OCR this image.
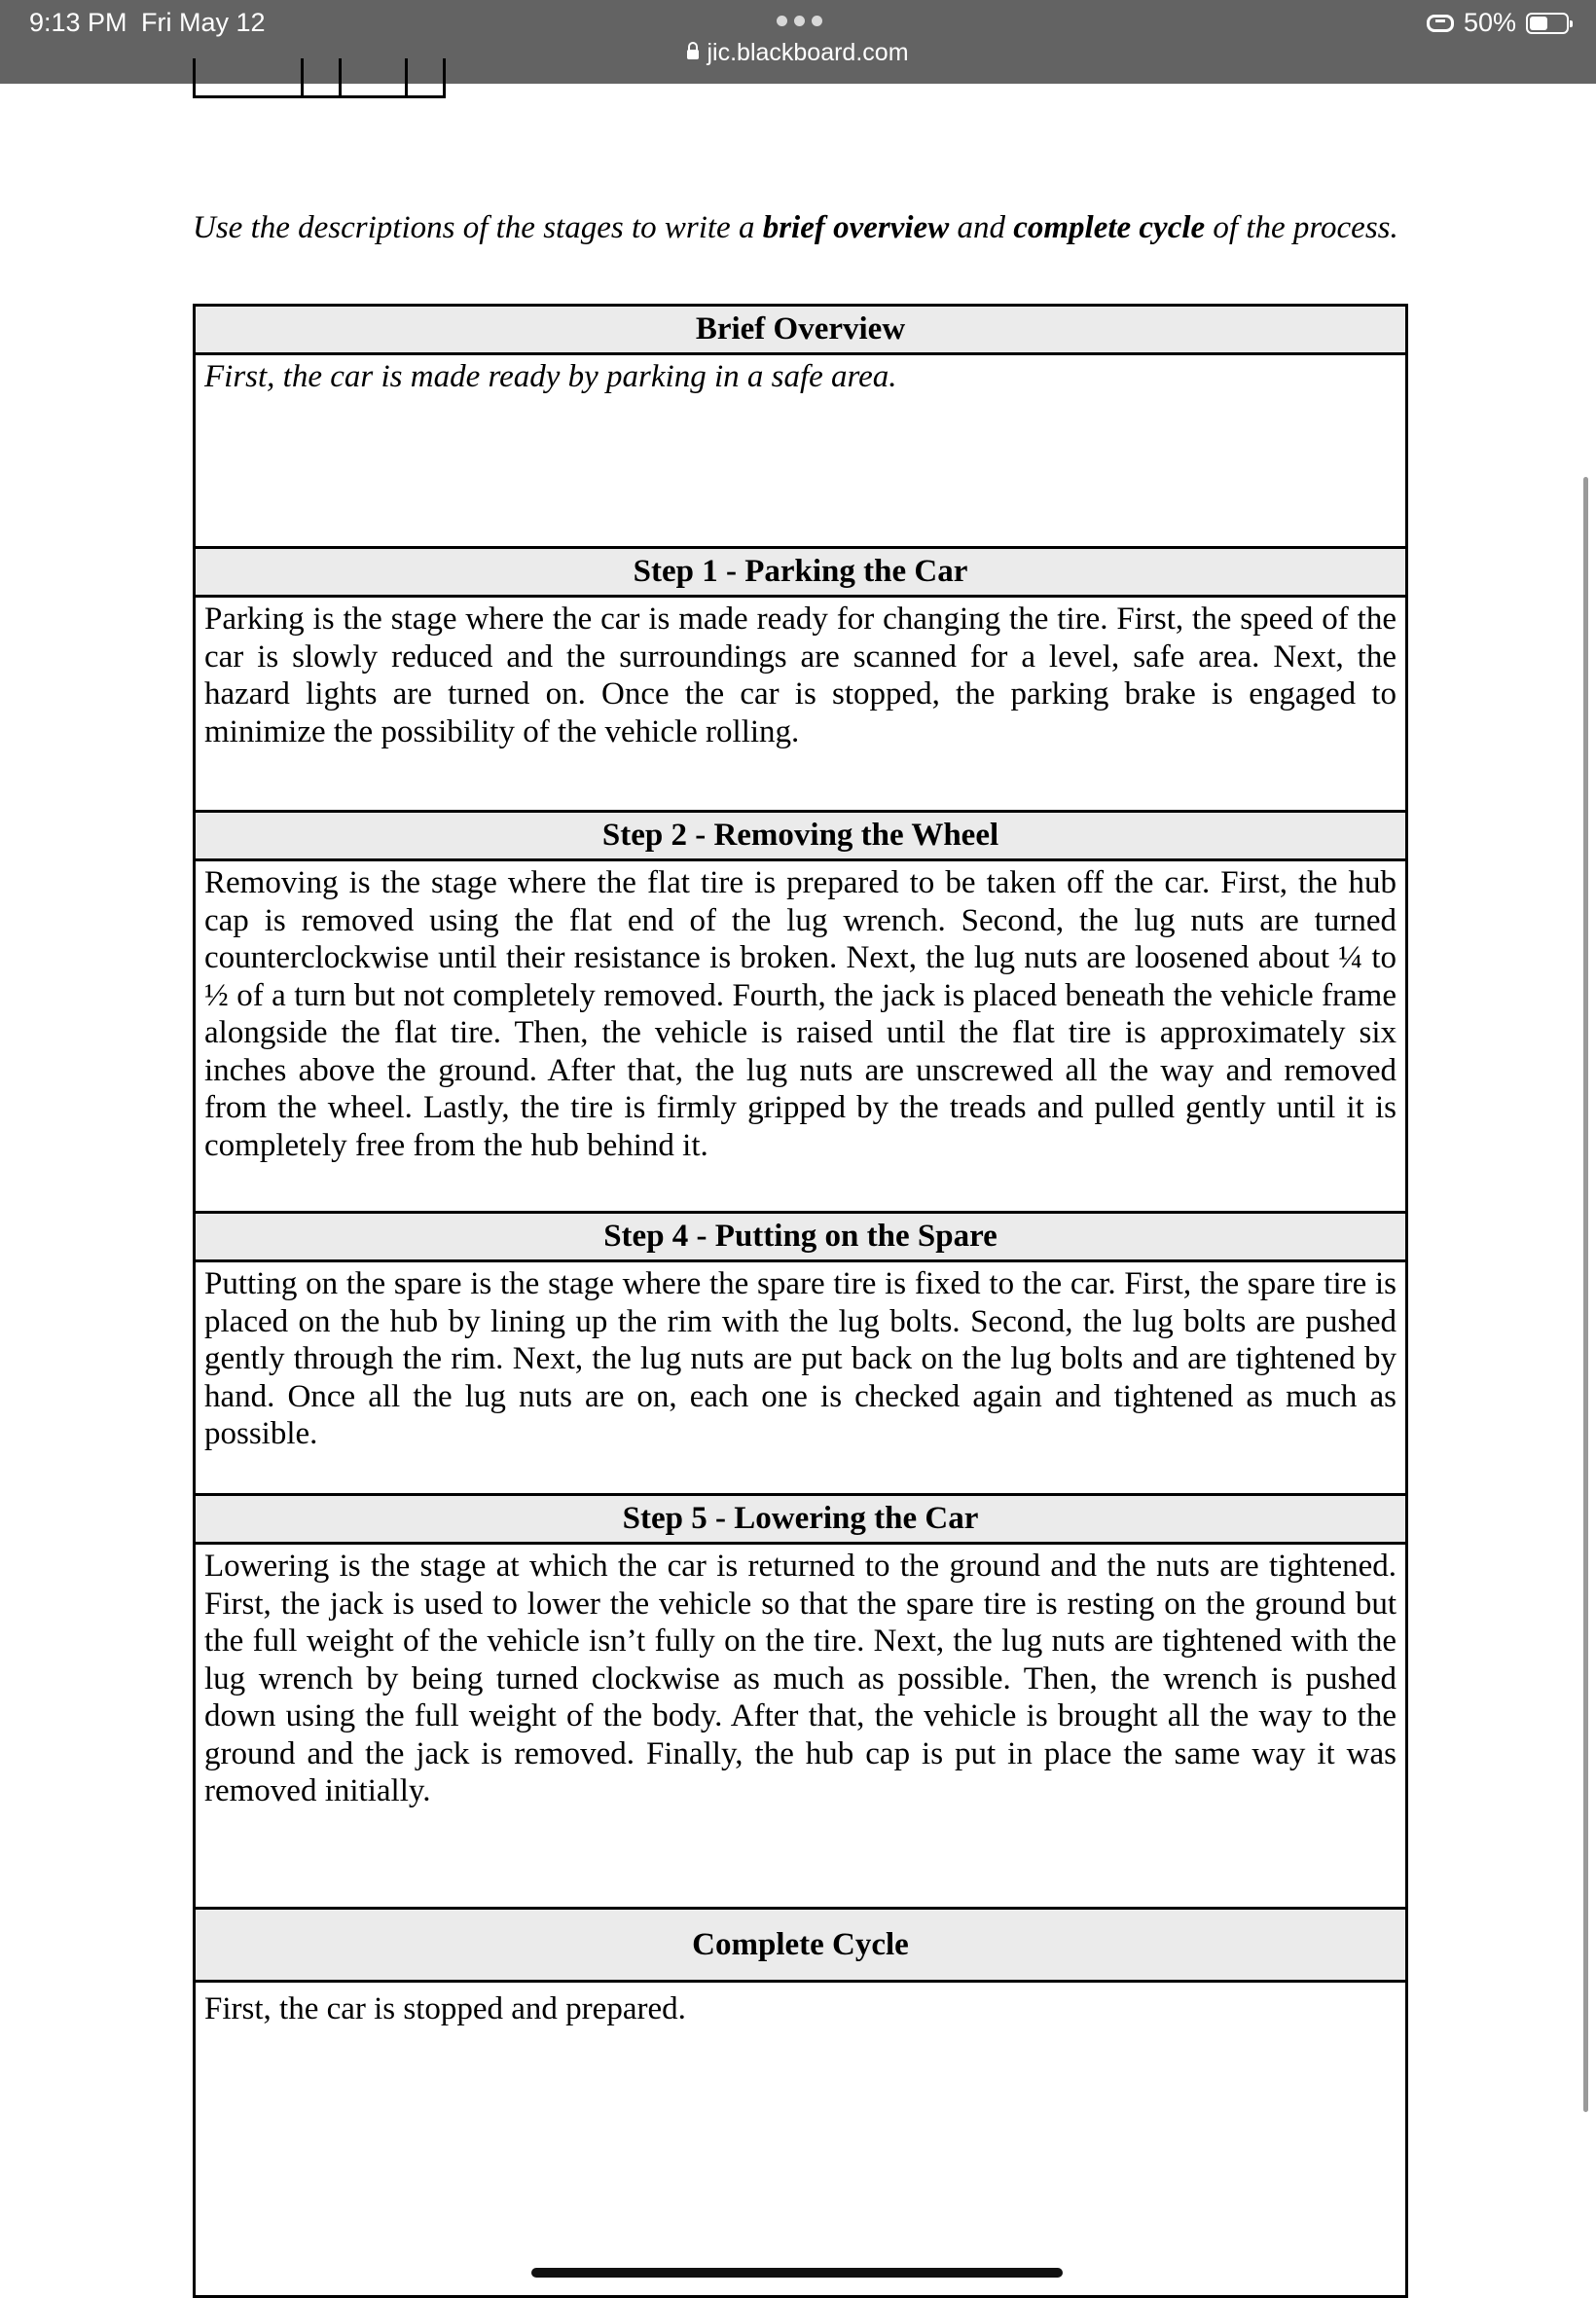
9:13 PM Fri May 12
jic.blackboard.com
50%
Use the descriptions of the stages to write a brief overview and complete cycle of the process.
Brief Overview
First, the car is made ready by parking in a safe area.
Step 1 - Parking the Car
Parking is the stage where the car is made ready for changing the tire. First, the speed of the car is slowly reduced and the surroundings are scanned for a level, safe area. Next, the hazard lights are turned on. Once the car is stopped, the parking brake is engaged to minimize the possibility of the vehicle rolling.
Step 2 - Removing the Wheel
Removing is the stage where the flat tire is prepared to be taken off the car. First, the hub cap is removed using the flat end of the lug wrench. Second, the lug nuts are turned counterclockwise until their resistance is broken. Next, the lug nuts are loosened about ¼ to ½ of a turn but not completely removed. Fourth, the jack is placed beneath the vehicle frame alongside the flat tire. Then, the vehicle is raised until the flat tire is approximately six inches above the ground. After that, the lug nuts are unscrewed all the way and removed from the wheel. Lastly, the tire is firmly gripped by the treads and pulled gently until it is completely free from the hub behind it.
Step 4 - Putting on the Spare
Putting on the spare is the stage where the spare tire is fixed to the car. First, the spare tire is placed on the hub by lining up the rim with the lug bolts. Second, the lug bolts are pushed gently through the rim. Next, the lug nuts are put back on the lug bolts and are tightened by hand. Once all the lug nuts are on, each one is checked again and tightened as much as possible.
Step 5 - Lowering the Car
Lowering is the stage at which the car is returned to the ground and the nuts are tightened. First, the jack is used to lower the vehicle so that the spare tire is resting on the ground but the full weight of the vehicle isn’t fully on the tire. Next, the lug nuts are tightened with the lug wrench by being turned clockwise as much as possible. Then, the wrench is pushed down using the full weight of the body. After that, the vehicle is brought all the way to the ground and the jack is removed. Finally, the hub cap is put in place the same way it was removed initially.
Complete Cycle
First, the car is stopped and prepared.
